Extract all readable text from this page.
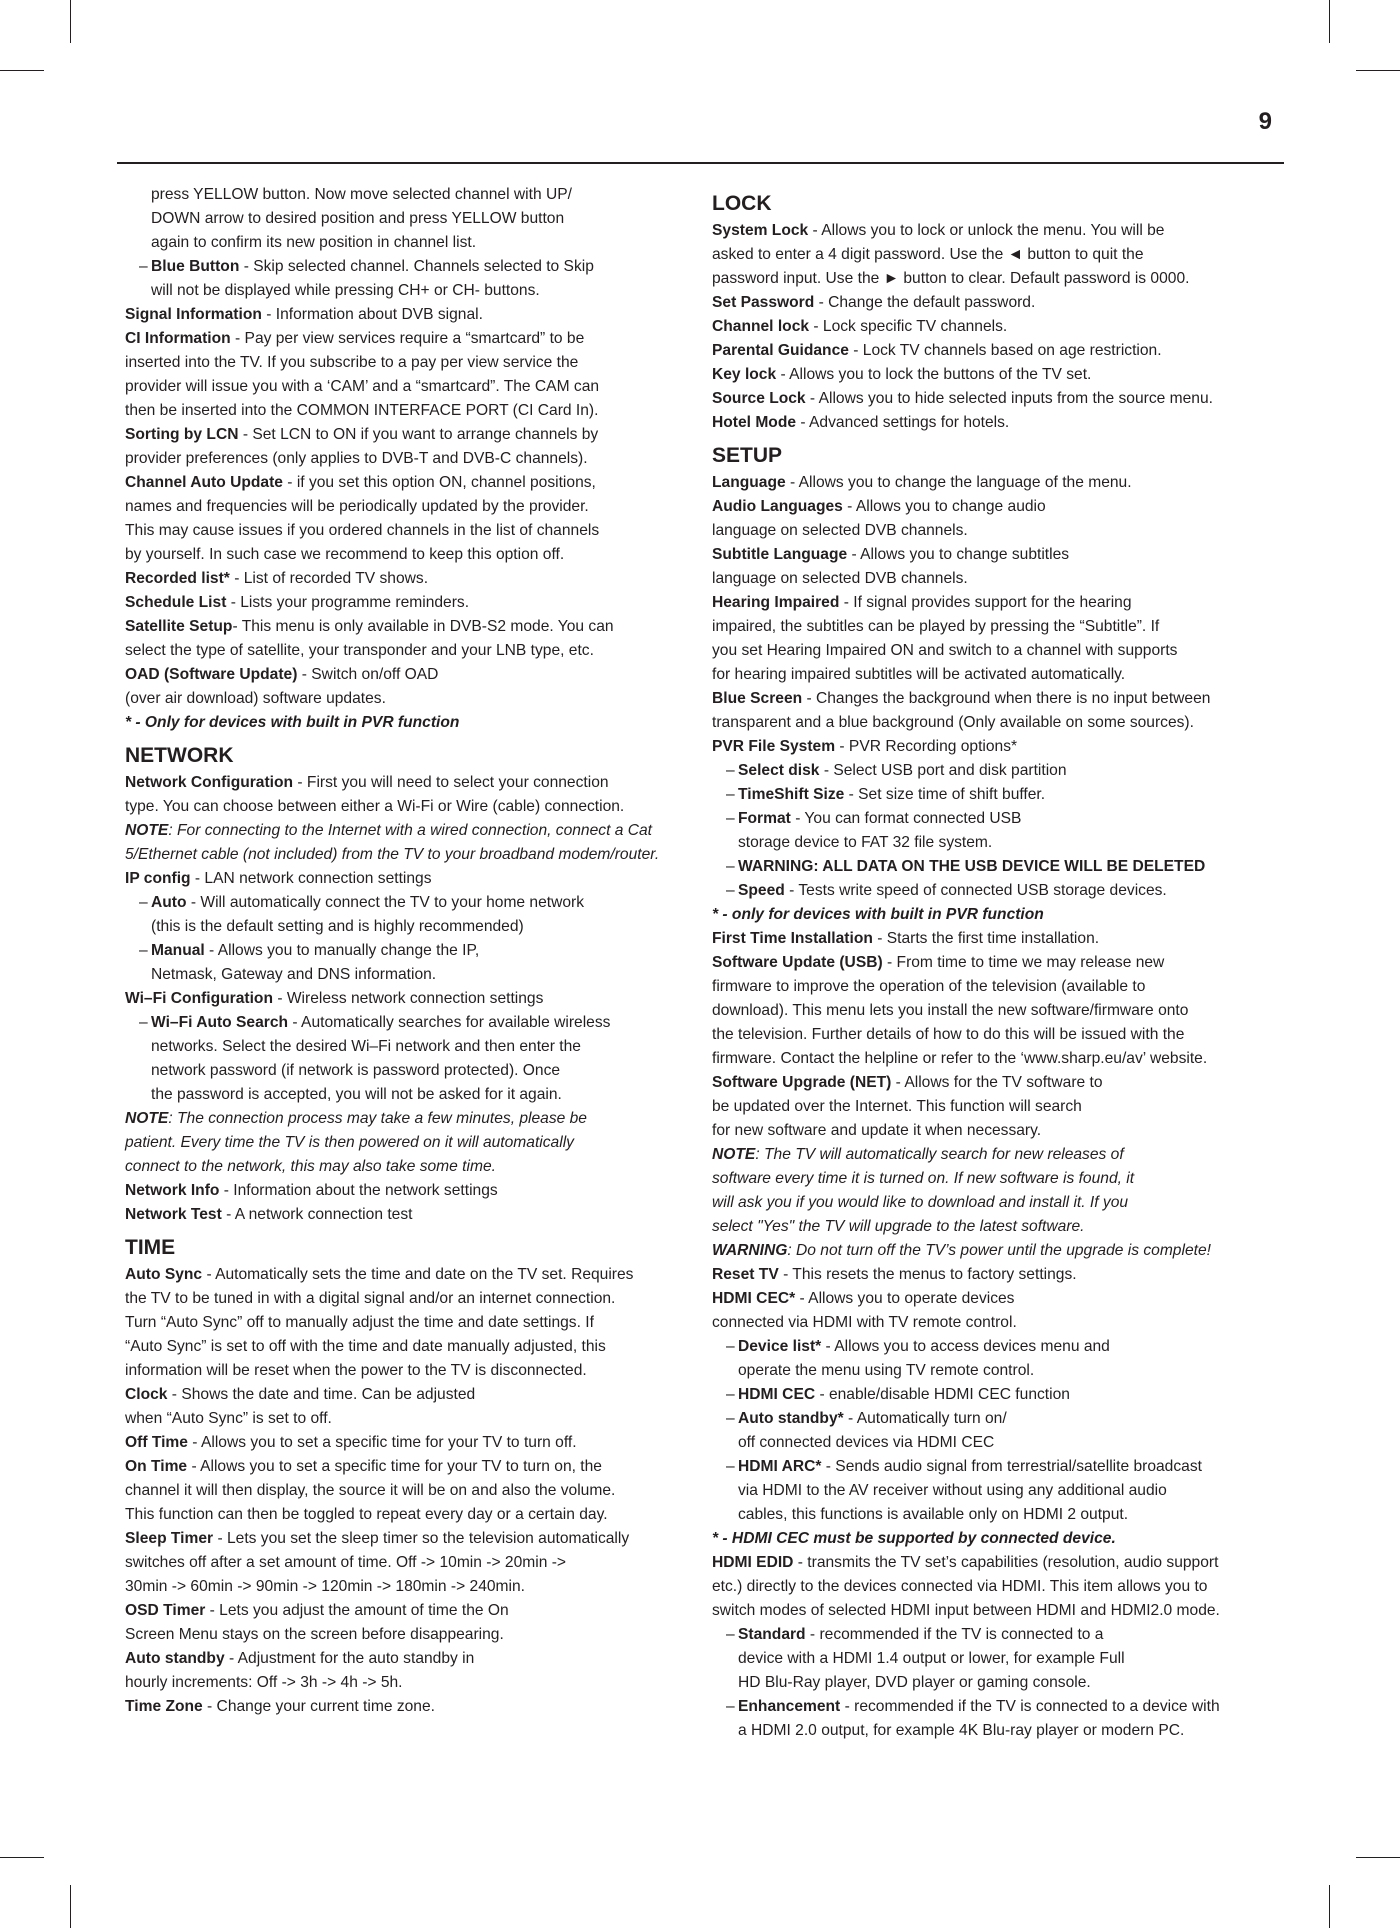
9
press YELLOW button. Now move selected channel with UP/
DOWN arrow to desired position and press YELLOW button
again to confirm its new position in channel list.
– Blue Button - Skip selected channel. Channels selected to Skip
will not be displayed while pressing CH+ or CH- buttons.
Signal Information - Information about DVB signal.
CI Information - Pay per view services require a “smartcard” to be
inserted into the TV. If you subscribe to a pay per view service the
provider will issue you with a ‘CAM’ and a “smartcard”. The CAM can
then be inserted into the COMMON INTERFACE PORT (CI Card In).
Sorting by LCN - Set LCN to ON if you want to arrange channels by
provider preferences (only applies to DVB-T and DVB-C channels).
Channel Auto Update - if you set this option ON, channel positions,
names and frequencies will be periodically updated by the provider.
This may cause issues if you ordered channels in the list of channels
by yourself. In such case we recommend to keep this option off.
Recorded list* - List of recorded TV shows.
Schedule List - Lists your programme reminders.
Satellite Setup- This menu is only available in DVB-S2 mode. You can
select the type of satellite, your transponder and your LNB type, etc.
OAD (Software Update) - Switch on/off OAD
(over air download) software updates.
* - Only for devices with built in PVR function
NETWORK
Network Configuration - First you will need to select your connection
type. You can choose between either a Wi-Fi or Wire (cable) connection.
NOTE: For connecting to the Internet with a wired connection, connect a Cat
5/Ethernet cable (not included) from the TV to your broadband modem/router.
IP config - LAN network connection settings
– Auto - Will automatically connect the TV to your home network
(this is the default setting and is highly recommended)
– Manual - Allows you to manually change the IP,
Netmask, Gateway and DNS information.
Wi–Fi Configuration - Wireless network connection settings
– Wi–Fi Auto Search - Automatically searches for available wireless
networks. Select the desired Wi–Fi network and then enter the
network password (if network is password protected). Once
the password is accepted, you will not be asked for it again.
NOTE: The connection process may take a few minutes, please be
patient. Every time the TV is then powered on it will automatically
connect to the network, this may also take some time.
Network Info - Information about the network settings
Network Test - A network connection test
TIME
Auto Sync - Automatically sets the time and date on the TV set. Requires
the TV to be tuned in with a digital signal and/or an internet connection.
Turn “Auto Sync” off to manually adjust the time and date settings. If
“Auto Sync” is set to off with the time and date manually adjusted, this
information will be reset when the power to the TV is disconnected.
Clock - Shows the date and time. Can be adjusted
when “Auto Sync” is set to off.
Off Time - Allows you to set a specific time for your TV to turn off.
On Time - Allows you to set a specific time for your TV to turn on, the
channel it will then display, the source it will be on and also the volume.
This function can then be toggled to repeat every day or a certain day.
Sleep Timer - Lets you set the sleep timer so the television automatically
switches off after a set amount of time. Off -> 10min -> 20min ->
30min -> 60min -> 90min -> 120min -> 180min -> 240min.
OSD Timer - Lets you adjust the amount of time the On
Screen Menu stays on the screen before disappearing.
Auto standby - Adjustment for the auto standby in
hourly increments: Off -> 3h -> 4h -> 5h.
Time Zone - Change your current time zone.
LOCK
System Lock - Allows you to lock or unlock the menu. You will be
asked to enter a 4 digit password. Use the ◄ button to quit the
password input. Use the ► button to clear. Default password is 0000.
Set Password - Change the default password.
Channel lock - Lock specific TV channels.
Parental Guidance - Lock TV channels based on age restriction.
Key lock - Allows you to lock the buttons of the TV set.
Source Lock - Allows you to hide selected inputs from the source menu.
Hotel Mode - Advanced settings for hotels.
SETUP
Language - Allows you to change the language of the menu.
Audio Languages - Allows you to change audio
language on selected DVB channels.
Subtitle Language - Allows you to change subtitles
language on selected DVB channels.
Hearing Impaired - If signal provides support for the hearing
impaired, the subtitles can be played by pressing the “Subtitle”. If
you set Hearing Impaired ON and switch to a channel with supports
for hearing impaired subtitles will be activated automatically.
Blue Screen - Changes the background when there is no input between
transparent and a blue background (Only available on some sources).
PVR File System - PVR Recording options*
– Select disk - Select USB port and disk partition
– TimeShift Size - Set size time of shift buffer.
– Format - You can format connected USB
storage device to FAT 32 file system.
– WARNING: ALL DATA ON THE USB DEVICE WILL BE DELETED
– Speed - Tests write speed of connected USB storage devices.
* - only for devices with built in PVR function
First Time Installation - Starts the first time installation.
Software Update (USB) - From time to time we may release new
firmware to improve the operation of the television (available to
download). This menu lets you install the new software/firmware onto
the television. Further details of how to do this will be issued with the
firmware. Contact the helpline or refer to the ‘www.sharp.eu/av’ website.
Software Upgrade (NET) - Allows for the TV software to
be updated over the Internet. This function will search
for new software and update it when necessary.
NOTE: The TV will automatically search for new releases of
software every time it is turned on. If new software is found, it
will ask you if you would like to download and install it. If you
select "Yes" the TV will upgrade to the latest software.
WARNING: Do not turn off the TV’s power until the upgrade is complete!
Reset TV - This resets the menus to factory settings.
HDMI CEC* - Allows you to operate devices
connected via HDMI with TV remote control.
– Device list* - Allows you to access devices menu and
operate the menu using TV remote control.
– HDMI CEC - enable/disable HDMI CEC function
– Auto standby* - Automatically turn on/
off connected devices via HDMI CEC
– HDMI ARC* - Sends audio signal from terrestrial/satellite broadcast
via HDMI to the AV receiver without using any additional audio
cables, this functions is available only on HDMI 2 output.
* - HDMI CEC must be supported by connected device.
HDMI EDID - transmits the TV set’s capabilities (resolution, audio support
etc.) directly to the devices connected via HDMI. This item allows you to
switch modes of selected HDMI input between HDMI and HDMI2.0 mode.
– Standard - recommended if the TV is connected to a
device with a HDMI 1.4 output or lower, for example Full
HD Blu-Ray player, DVD player or gaming console.
– Enhancement - recommended if the TV is connected to a device with
a HDMI 2.0 output, for example 4K Blu-ray player or modern PC.
